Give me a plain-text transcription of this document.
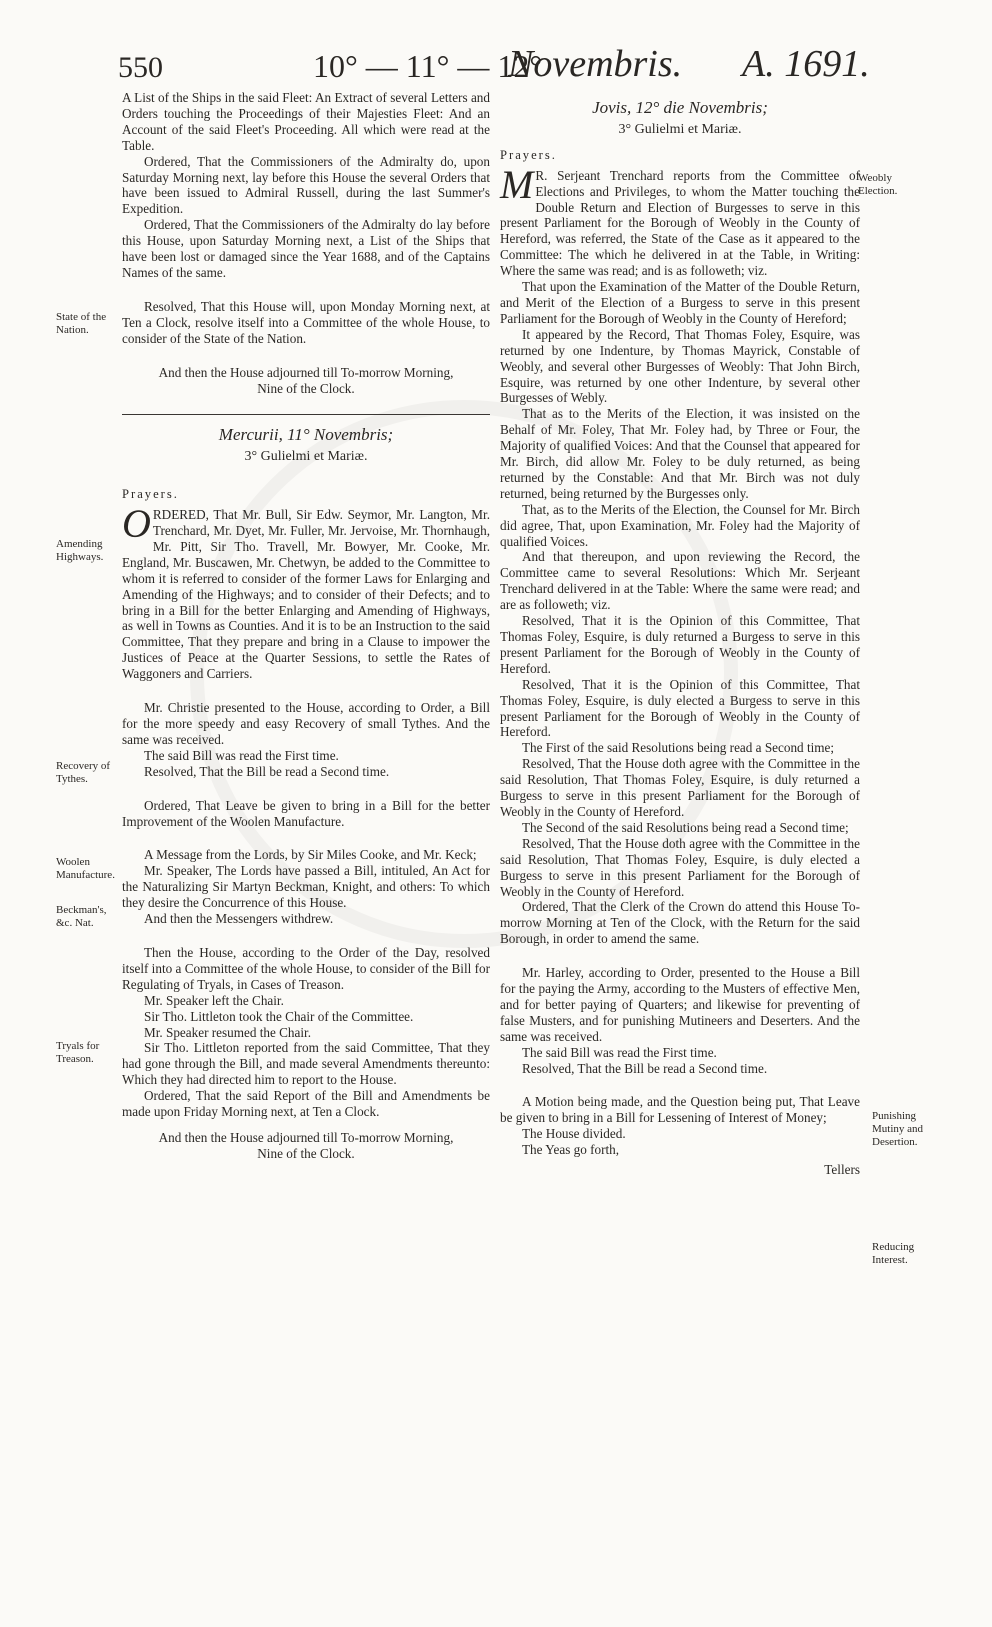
550	10° — 11° — 12°
Novembris. A. 1691.
State of the Nation.
Amending Highways.
Recovery of Tythes.
Woolen Manufacture.
Beckman's, &c. Nat.
Tryals for Treason.
Weobly Election.
Punishing Mutiny and Desertion.
Reducing Interest.

A List of the Ships in the said Fleet: An Extract of several Letters and Orders touching the Proceedings of their Majesties Fleet: And an Account of the said Fleet's Proceeding. All which were read at the Table.

Ordered, That the Commissioners of the Admiralty do, upon Saturday Morning next, lay before this House the several Orders that have been issued to Admiral Russell, during the last Summer's Expedition.

Ordered, That the Commissioners of the Admiralty do lay before this House, upon Saturday Morning next, a List of the Ships that have been lost or damaged since the Year 1688, and of the Captains Names of the same.

Resolved, That this House will, upon Monday Morning next, at Ten a Clock, resolve itself into a Committee of the whole House, to consider of the State of the Nation.

And then the House adjourned till To-morrow Morning, Nine of the Clock.

Mercurii, 11° Novembris;
3° Gulielmi et Mariæ.
Prayers.

ORDERED, That Mr. Bull, Sir Edw. Seymor, Mr. Langton, Mr. Trenchard, Mr. Dyet, Mr. Fuller, Mr. Jervoise, Mr. Thornhaugh, Mr. Pitt, Sir Tho. Travell, Mr. Bowyer, Mr. Cooke, Mr. England, Mr. Buscawen, Mr. Chetwyn, be added to the Committee to whom it is referred to consider of the former Laws for Enlarging and Amending of the Highways; and to consider of their Defects; and to bring in a Bill for the better Enlarging and Amending of Highways, as well in Towns as Counties. And it is to be an Instruction to the said Committee, That they prepare and bring in a Clause to impower the Justices of Peace at the Quarter Sessions, to settle the Rates of Waggoners and Carriers.

Mr. Christie presented to the House, according to Order, a Bill for the more speedy and easy Recovery of small Tythes. And the same was received.

The said Bill was read the First time.

Resolved, That the Bill be read a Second time.

Ordered, That Leave be given to bring in a Bill for the better Improvement of the Woolen Manufacture.

A Message from the Lords, by Sir Miles Cooke, and Mr. Keck;

Mr. Speaker, The Lords have passed a Bill, intituled, An Act for the Naturalizing Sir Martyn Beckman, Knight, and others: To which they desire the Concurrence of this House.

And then the Messengers withdrew.

Then the House, according to the Order of the Day, resolved itself into a Committee of the whole House, to consider of the Bill for Regulating of Tryals, in Cases of Treason.

Mr. Speaker left the Chair.

Sir Tho. Littleton took the Chair of the Committee.

Mr. Speaker resumed the Chair.

Sir Tho. Littleton reported from the said Committee, That they had gone through the Bill, and made several Amendments thereunto: Which they had directed him to report to the House.

Ordered, That the said Report of the Bill and Amendments be made upon Friday Morning next, at Ten a Clock.

And then the House adjourned till To-morrow Morning, Nine of the Clock.

Jovis, 12° die Novembris;
3° Gulielmi et Mariæ.
Prayers.

M R. Serjeant Trenchard reports from the Committee of Elections and Privileges, to whom the Matter touching the Double Return and Election of Burgesses to serve in this present Parliament for the Borough of Weobly in the County of Hereford, was referred, the State of the Case as it appeared to the Committee: The which he delivered in at the Table, in Writing: Where the same was read; and is as followeth; viz.

That upon the Examination of the Matter of the Double Return, and Merit of the Election of a Burgess to serve in this present Parliament for the Borough of Weobly in the County of Hereford;

It appeared by the Record, That Thomas Foley, Esquire, was returned by one Indenture, by Thomas Mayrick, Constable of Weobly, and several other Burgesses of Weobly: That John Birch, Esquire, was returned by one other Indenture, by several other Burgesses of Webly.

That as to the Merits of the Election, it was insisted on the Behalf of Mr. Foley, That Mr. Foley had, by Three or Four, the Majority of qualified Voices: And that the Counsel that appeared for Mr. Birch, did allow Mr. Foley to be duly returned, as being returned by the Constable: And that Mr. Birch was not duly returned, being returned by the Burgesses only.

That, as to the Merits of the Election, the Counsel for Mr. Birch did agree, That, upon Examination, Mr. Foley had the Majority of qualified Voices.

And that thereupon, and upon reviewing the Record, the Committee came to several Resolutions: Which Mr. Serjeant Trenchard delivered in at the Table: Where the same were read; and are as followeth; viz.

Resolved, That it is the Opinion of this Committee, That Thomas Foley, Esquire, is duly returned a Burgess to serve in this present Parliament for the Borough of Weobly in the County of Hereford.

Resolved, That it is the Opinion of this Committee, That Thomas Foley, Esquire, is duly elected a Burgess to serve in this present Parliament for the Borough of Weobly in the County of Hereford.

The First of the said Resolutions being read a Second time;

Resolved, That the House doth agree with the Committee in the said Resolution, That Thomas Foley, Esquire, is duly returned a Burgess to serve in this present Parliament for the Borough of Weobly in the County of Hereford.

The Second of the said Resolutions being read a Second time;

Resolved, That the House doth agree with the Committee in the said Resolution, That Thomas Foley, Esquire, is duly elected a Burgess to serve in this present Parliament for the Borough of Weobly in the County of Hereford.

Ordered, That the Clerk of the Crown do attend this House To-morrow Morning at Ten of the Clock, with the Return for the said Borough, in order to amend the same.

Mr. Harley, according to Order, presented to the House a Bill for the paying the Army, according to the Musters of effective Men, and for better paying of Quarters; and likewise for preventing of false Musters, and for punishing Mutineers and Deserters. And the same was received.

The said Bill was read the First time.

Resolved, That the Bill be read a Second time.

A Motion being made, and the Question being put, That Leave be given to bring in a Bill for Lessening of Interest of Money;

The House divided.

The Yeas go forth,

Tellers
